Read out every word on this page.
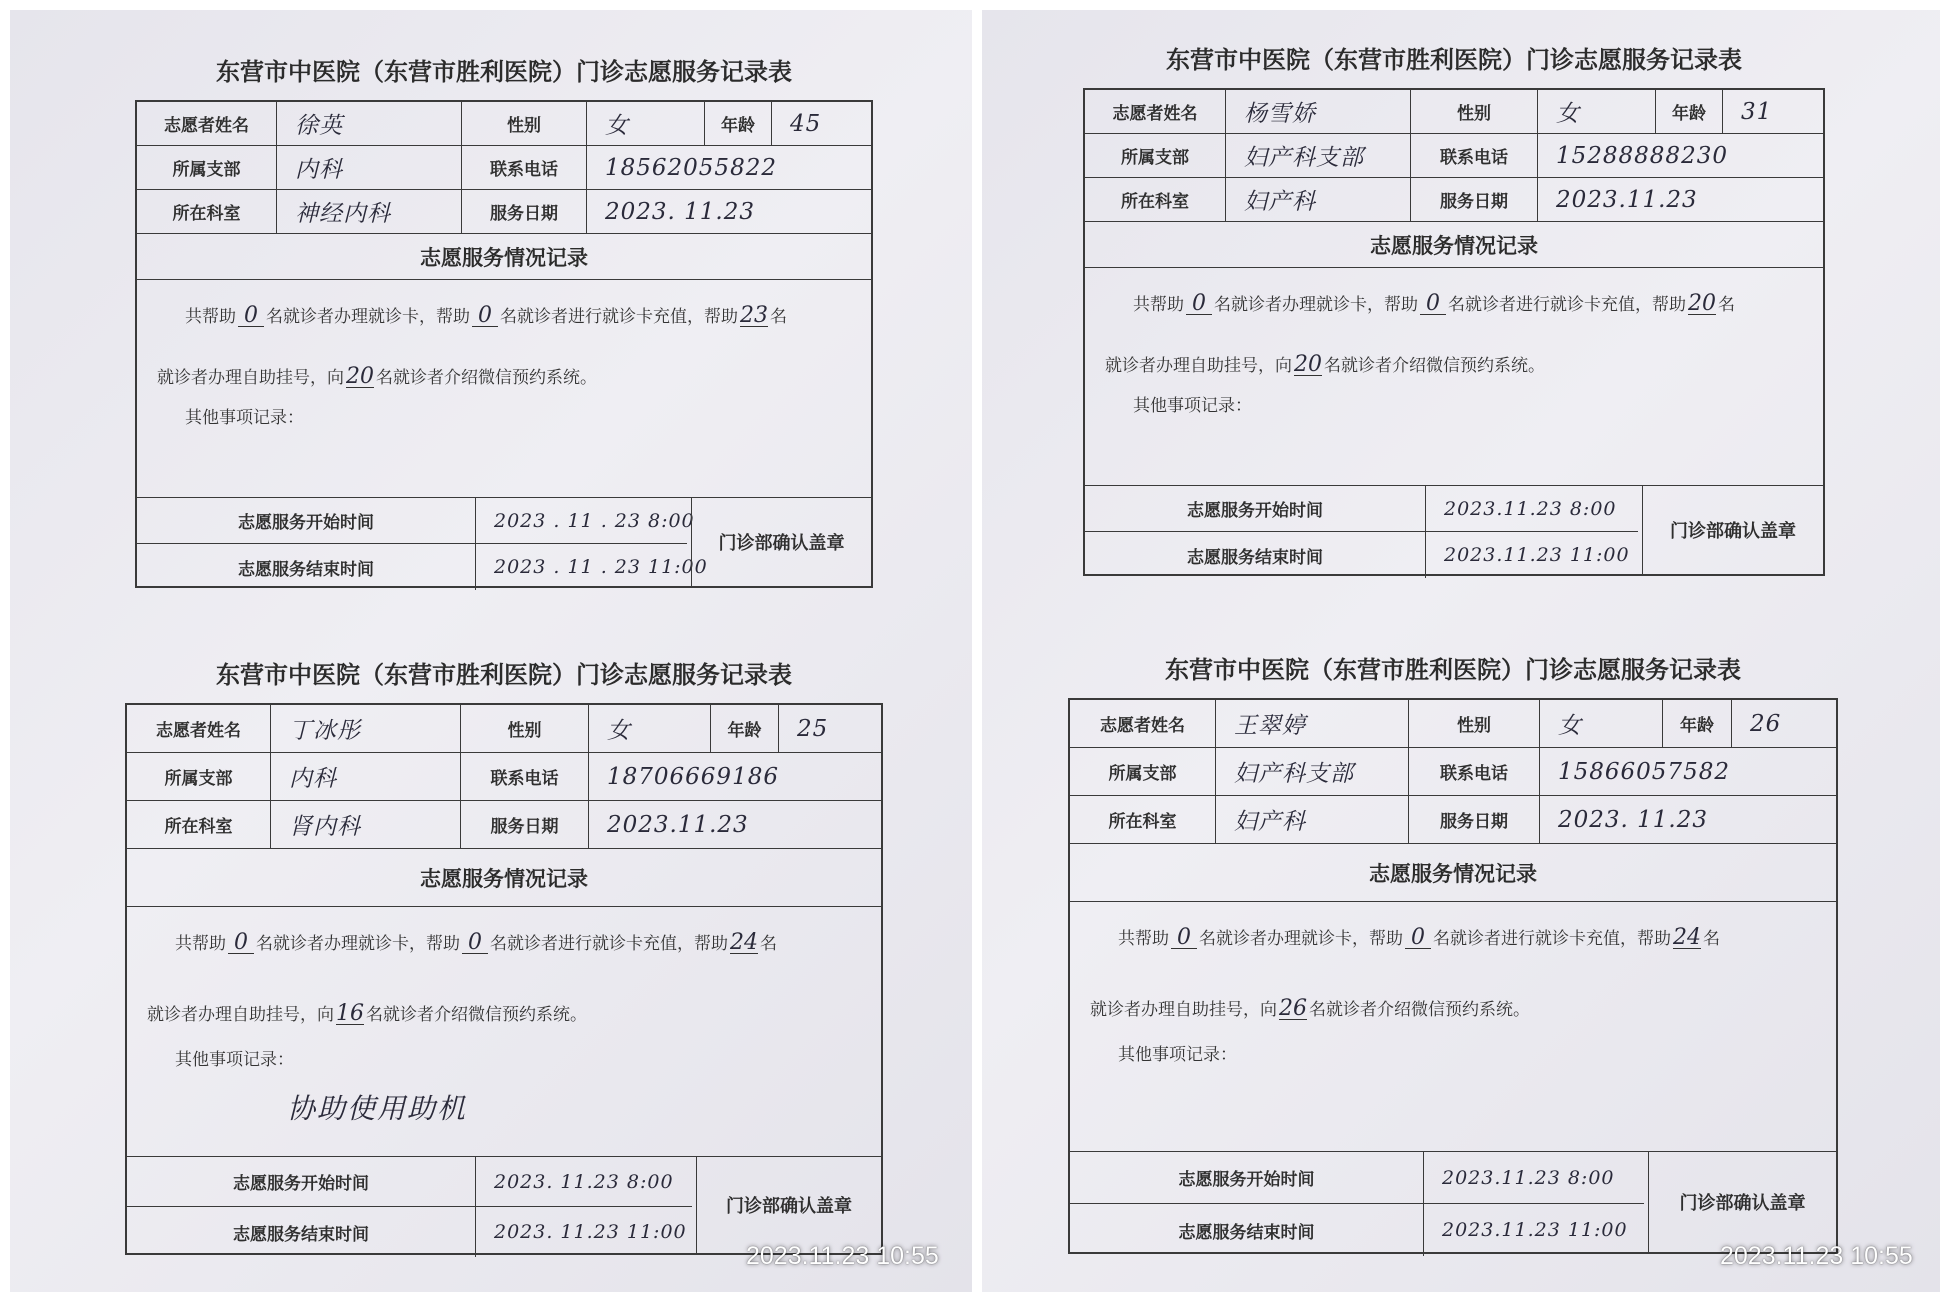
东营市中医院（东营市胜利医院）门诊志愿服务记录表
志愿者姓名	徐英	性别	女	年龄	45
所属支部	内科	联系电话	18562055822
所在科室	神经内科	服务日期	2023. 11.23
志愿服务情况记录
共帮助 0 名就诊者办理就诊卡，帮助 0 名就诊者进行就诊卡充值，帮助23 名
就诊者办理自助挂号，向20 名就诊者介绍微信预约系统。
其他事项记录：
志愿服务开始时间	2023 . 11 . 23 8:00
志愿服务结束时间	2023 . 11 . 23 11:00
门诊部确认盖章
东营市中医院（东营市胜利医院）门诊志愿服务记录表
志愿者姓名	杨雪娇	性别	女	年龄	31
所属支部	妇产科支部	联系电话	15288888230
所在科室	妇产科	服务日期	2023.11.23
志愿服务情况记录
共帮助 0 名就诊者办理就诊卡，帮助 0 名就诊者进行就诊卡充值，帮助20 名
就诊者办理自助挂号，向20 名就诊者介绍微信预约系统。
其他事项记录：
志愿服务开始时间	2023.11.23 8:00
志愿服务结束时间	2023.11.23 11:00
门诊部确认盖章
东营市中医院（东营市胜利医院）门诊志愿服务记录表
志愿者姓名	丁冰彤	性别	女	年龄	25
所属支部	内科	联系电话	18706669186
所在科室	肾内科	服务日期	2023.11.23
志愿服务情况记录
共帮助 0 名就诊者办理就诊卡，帮助 0 名就诊者进行就诊卡充值，帮助24 名
就诊者办理自助挂号，向16 名就诊者介绍微信预约系统。
其他事项记录：
协助使用助机
志愿服务开始时间	2023. 11.23 8:00
志愿服务结束时间	2023. 11.23 11:00
门诊部确认盖章
东营市中医院（东营市胜利医院）门诊志愿服务记录表
志愿者姓名	王翠婷	性别	女	年龄	26
所属支部	妇产科支部	联系电话	15866057582
所在科室	妇产科	服务日期	2023. 11.23
志愿服务情况记录
共帮助 0 名就诊者办理就诊卡，帮助 0 名就诊者进行就诊卡充值，帮助24 名
就诊者办理自助挂号，向26 名就诊者介绍微信预约系统。
其他事项记录：
志愿服务开始时间	2023.11.23 8:00
志愿服务结束时间	2023.11.23 11:00
门诊部确认盖章
2023.11.23 10:55	2023.11.23 10:55
